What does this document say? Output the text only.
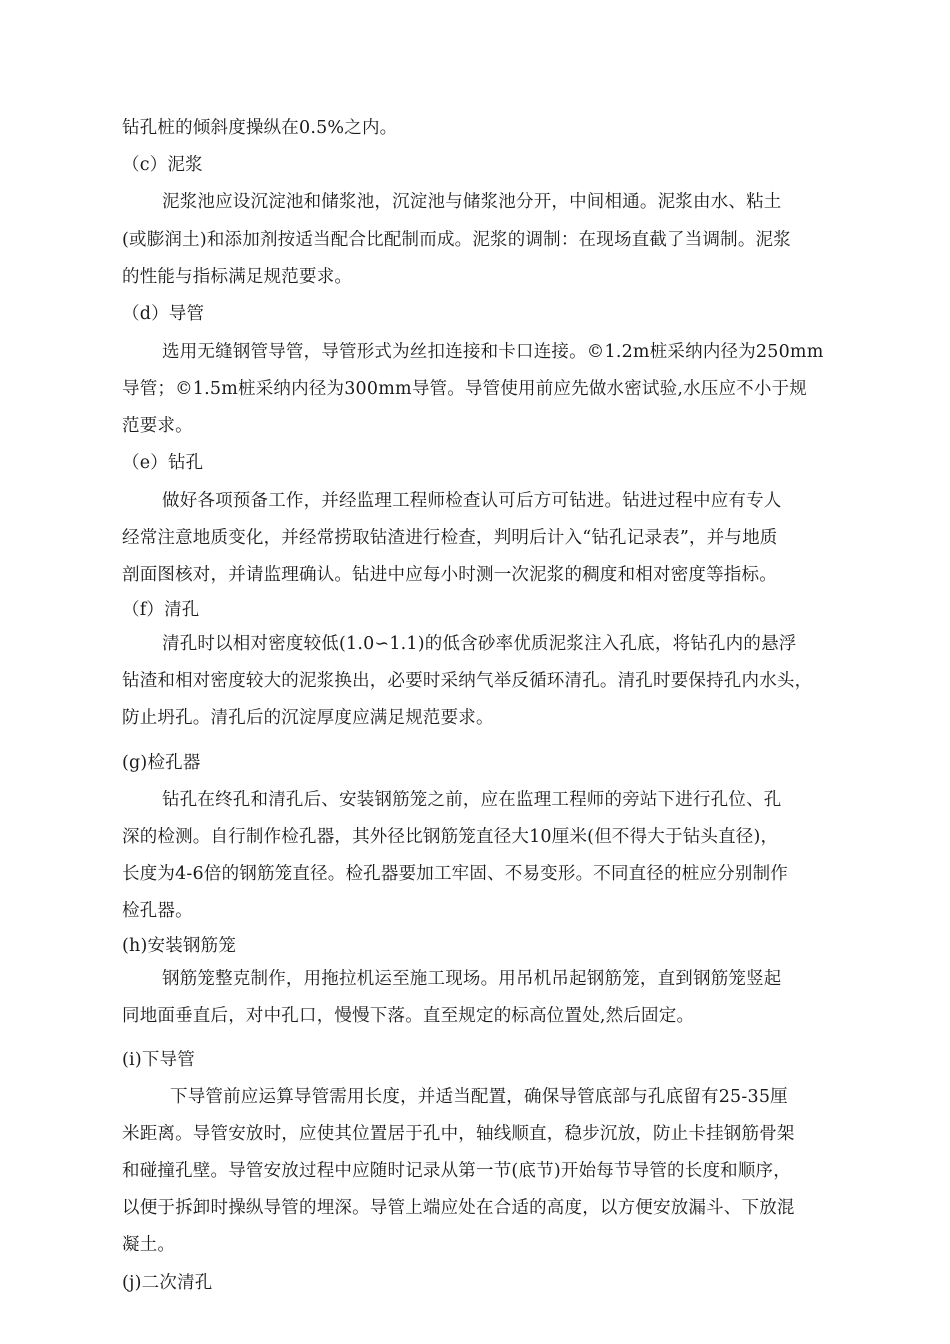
钻孔桩的倾斜度操纵在0.5%之内。
（c）泥浆
泥浆池应设沉淀池和储浆池，沉淀池与储浆池分开，中间相通。泥浆由水、粘土
(或膨润土)和添加剂按适当配合比配制而成。泥浆的调制：在现场直截了当调制。泥浆
的性能与指标满足规范要求。
（d）导管
选用无缝钢管导管，导管形式为丝扣连接和卡口连接。©1.2m桩采纳内径为250mm
导管；©1.5m桩采纳内径为300mm导管。导管使用前应先做水密试验,水压应不小于规
范要求。
（e）钻孔
做好各项预备工作，并经监理工程师检查认可后方可钻进。钻进过程中应有专人
经常注意地质变化，并经常捞取钻渣进行检查，判明后计入“钻孔记录表”，并与地质
剖面图核对，并请监理确认。钻进中应每小时测一次泥浆的稠度和相对密度等指标。
（f）清孔
清孔时以相对密度较低(1.0∽1.1)的低含砂率优质泥浆注入孔底，将钻孔内的悬浮
钻渣和相对密度较大的泥浆换出，必要时采纳气举反循环清孔。清孔时要保持孔内水头，
防止坍孔。清孔后的沉淀厚度应满足规范要求。
(g)检孔器
钻孔在终孔和清孔后、安装钢筋笼之前，应在监理工程师的旁站下进行孔位、孔
深的检测。自行制作检孔器，其外径比钢筋笼直径大10厘米(但不得大于钻头直径)，
长度为4-6倍的钢筋笼直径。检孔器要加工牢固、不易变形。不同直径的桩应分别制作
检孔器。
(h)安装钢筋笼
钢筋笼整克制作，用拖拉机运至施工现场。用吊机吊起钢筋笼，直到钢筋笼竖起
同地面垂直后，对中孔口，慢慢下落。直至规定的标高位置处,然后固定。
(i)下导管
下导管前应运算导管需用长度，并适当配置，确保导管底部与孔底留有25-35厘
米距离。导管安放时，应使其位置居于孔中，轴线顺直，稳步沉放，防止卡挂钢筋骨架
和碰撞孔壁。导管安放过程中应随时记录从第一节(底节)开始每节导管的长度和顺序，
以便于拆卸时操纵导管的埋深。导管上端应处在合适的高度，以方便安放漏斗、下放混
凝土。
(j)二次清孔
